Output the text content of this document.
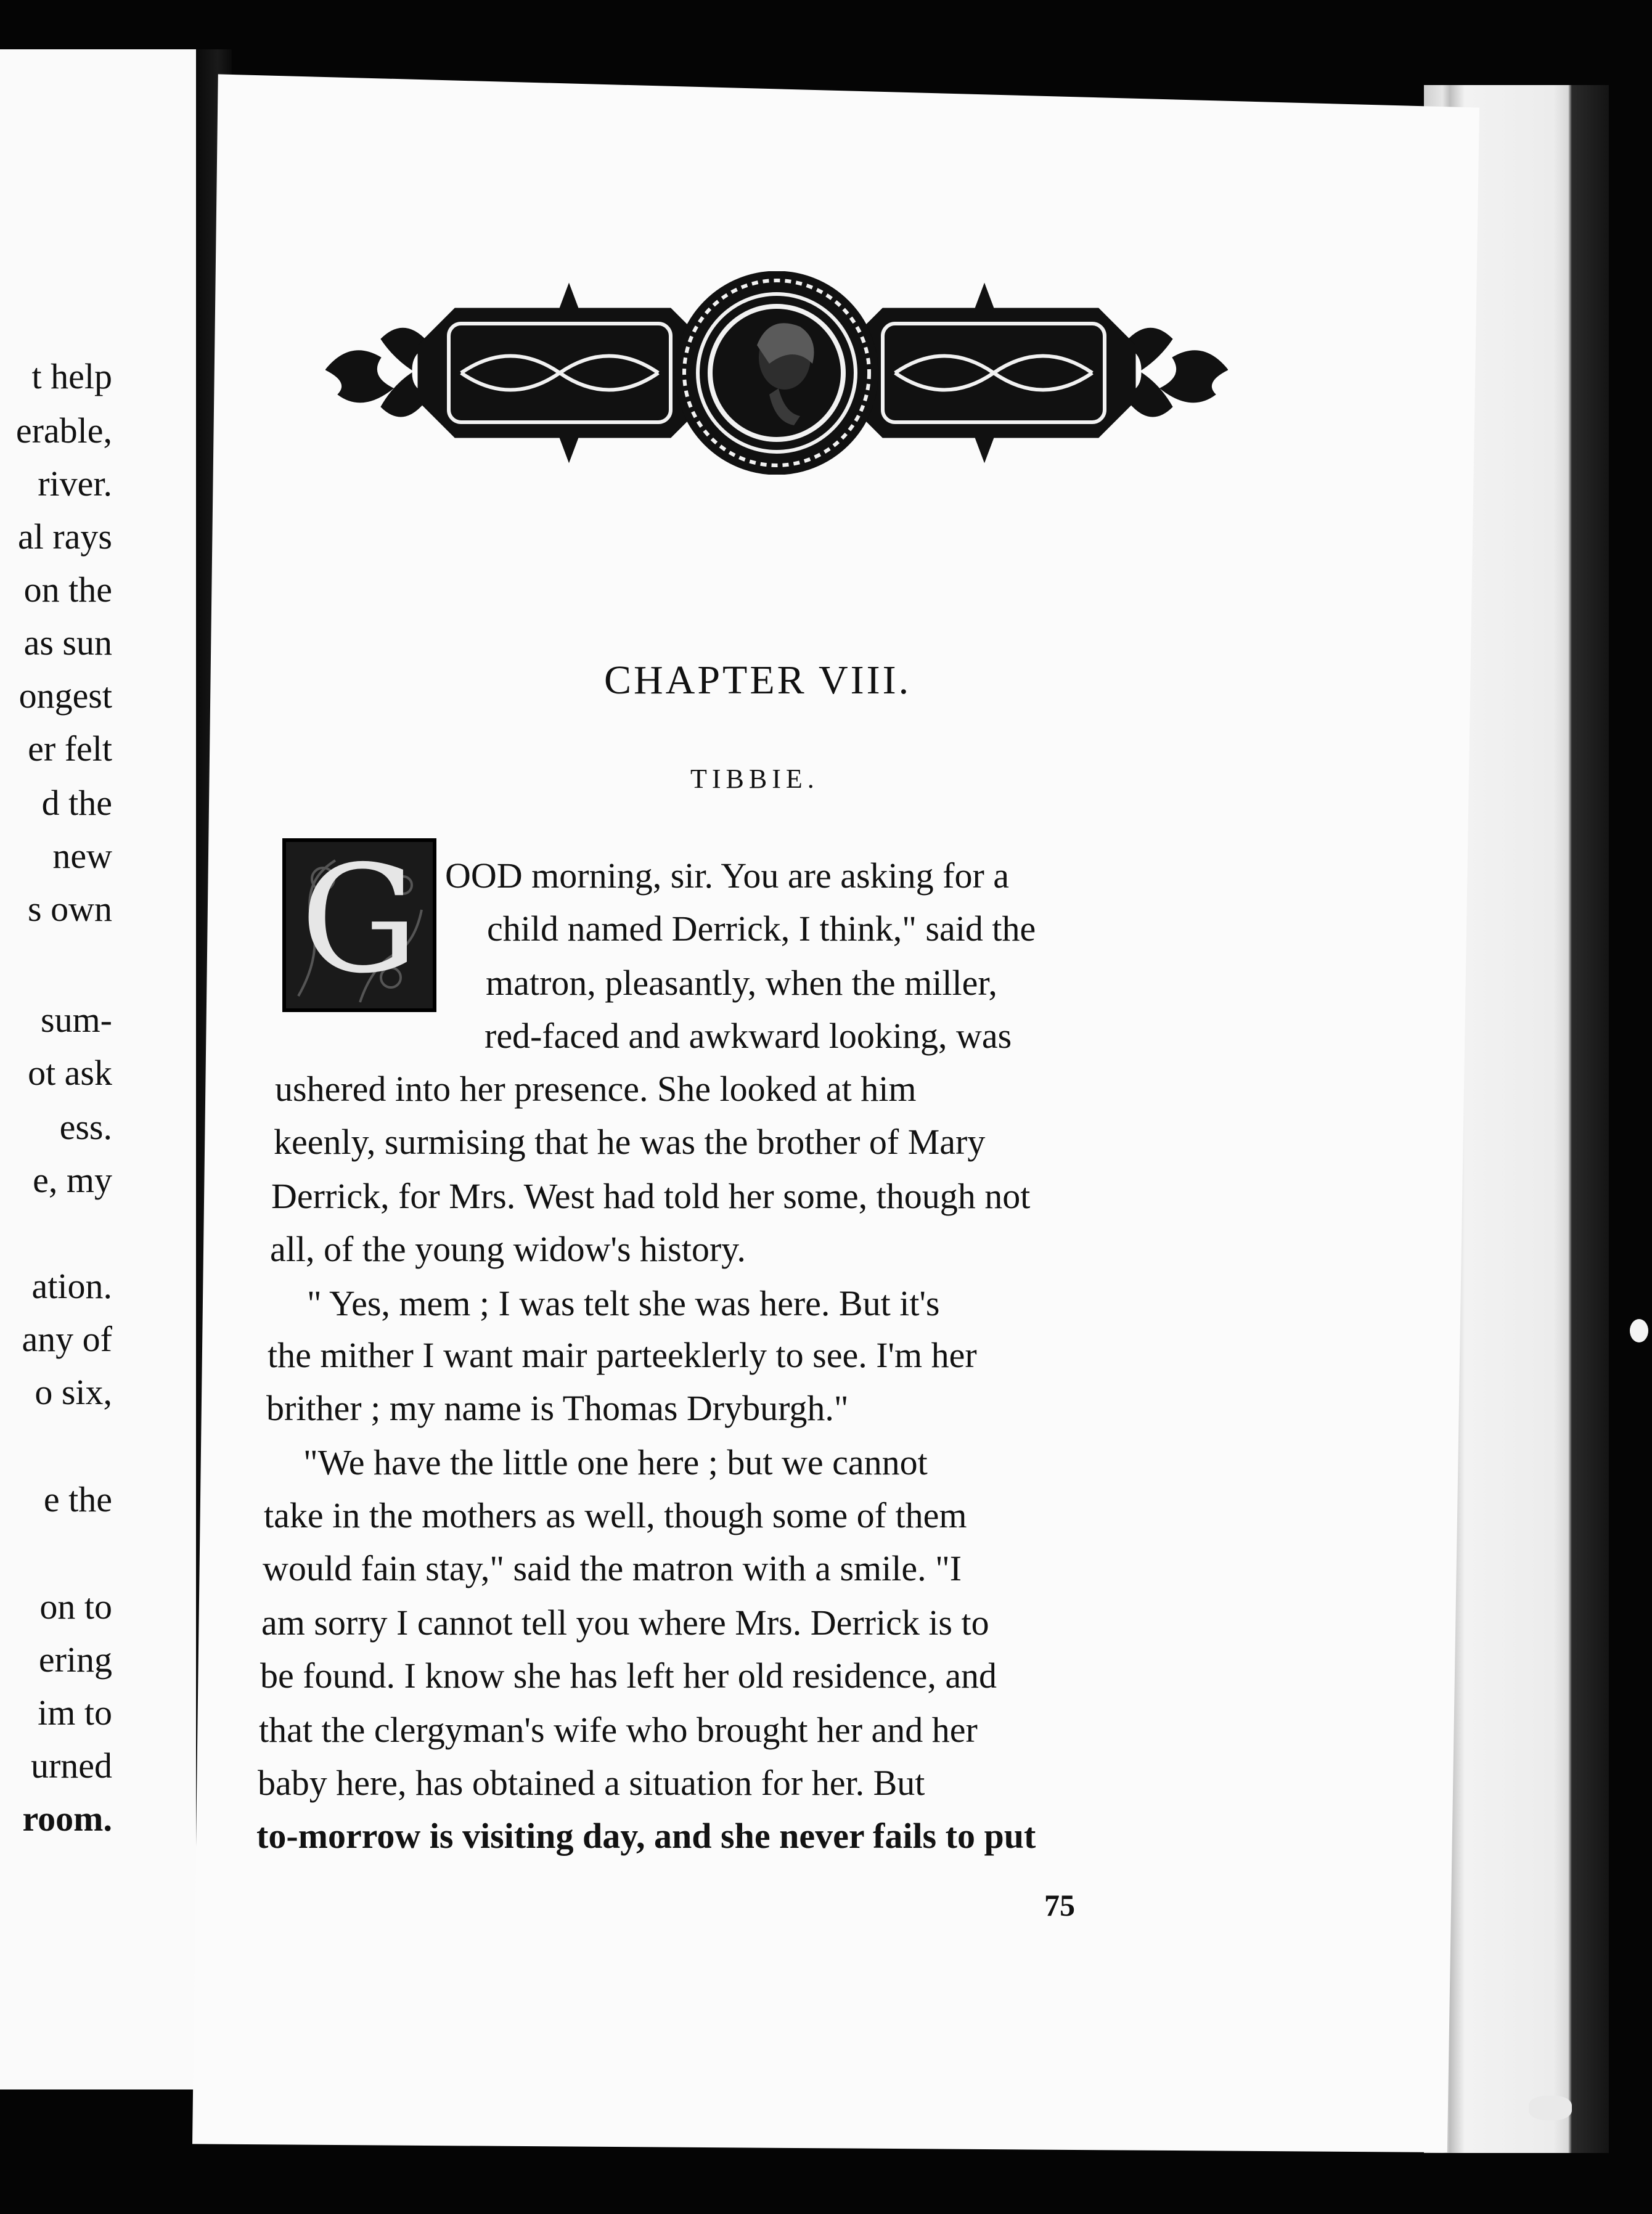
t help
erable,
river.
al rays
on the
as sun
ongest
er felt
d the
new
s own
sum-
ot ask
ess.
e, my
ation.
any of
o six,
e the
on to
ering
im to
urned
room.
CHAPTER VIII.
TIBBIE.
G OOD morning, sir. You are asking for a
child named Derrick, I think," said the
matron, pleasantly, when the miller,
red-faced and awkward looking, was
ushered into her presence. She looked at him
keenly, surmising that he was the brother of Mary
Derrick, for Mrs. West had told her some, though not
all, of the young widow's history.
" Yes, mem ; I was telt she was here. But it's
the mither I want mair parteeklerly to see. I'm her
brither ; my name is Thomas Dryburgh."
"We have the little one here ; but we cannot
take in the mothers as well, though some of them
would fain stay," said the matron with a smile. "I
am sorry I cannot tell you where Mrs. Derrick is to
be found. I know she has left her old residence, and
that the clergyman's wife who brought her and her
baby here, has obtained a situation for her. But
to-morrow is visiting day, and she never fails to put
75
